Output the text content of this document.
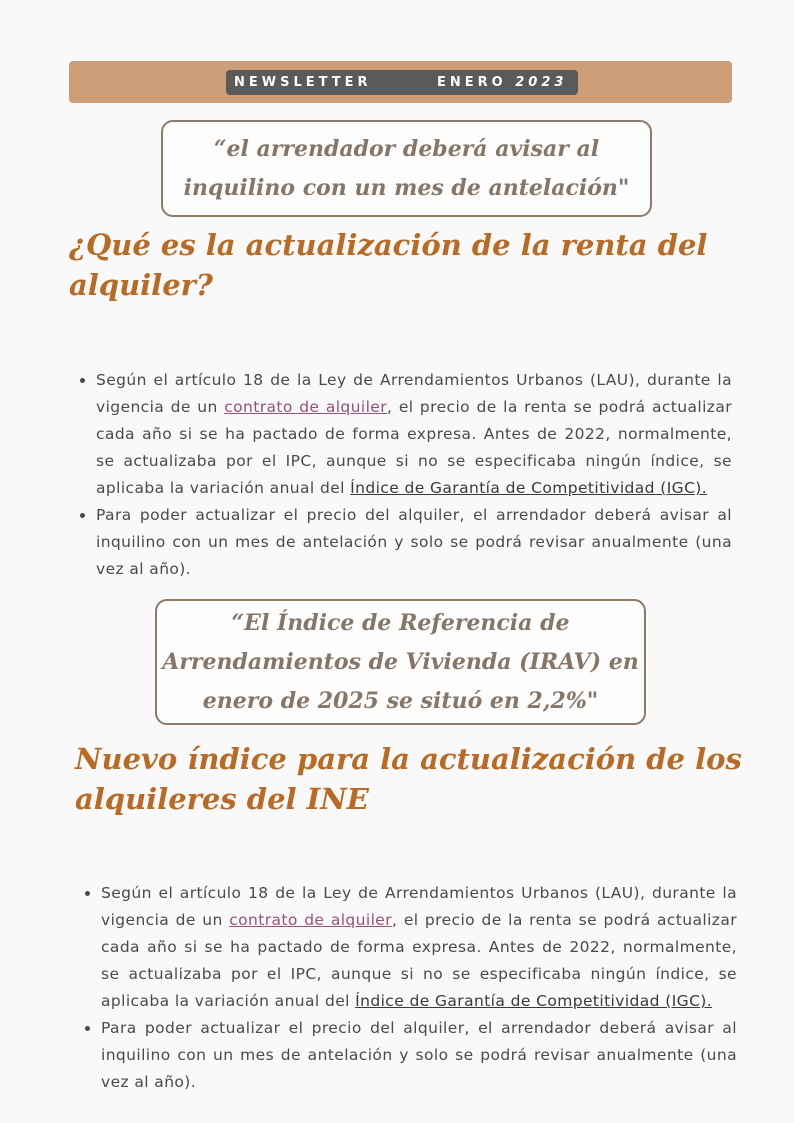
NEWSLETTER	ENERO 2023
“el arrendador deberá avisar al
inquilino con un mes de antelación"
¿Qué es la actualización de la renta del alquiler?
• Según el artículo 18 de la Ley de Arrendamientos Urbanos (LAU), durante la vigencia de un contrato de alquiler, el precio de la renta se podrá actualizar cada año si se ha pactado de forma expresa. Antes de 2022, normalmente, se actualizaba por el IPC, aunque si no se especificaba ningún índice, se aplicaba la variación anual del Índice de Garantía de Competitividad (IGC).
• Para poder actualizar el precio del alquiler, el arrendador deberá avisar al inquilino con un mes de antelación y solo se podrá revisar anualmente (una vez al año).
“El Índice de Referencia de
Arrendamientos de Vivienda (IRAV) en
enero de 2025 se situó en 2,2%"
Nuevo índice para la actualización de los alquileres del INE
• Según el artículo 18 de la Ley de Arrendamientos Urbanos (LAU), durante la vigencia de un contrato de alquiler, el precio de la renta se podrá actualizar cada año si se ha pactado de forma expresa. Antes de 2022, normalmente, se actualizaba por el IPC, aunque si no se especificaba ningún índice, se aplicaba la variación anual del Índice de Garantía de Competitividad (IGC).
• Para poder actualizar el precio del alquiler, el arrendador deberá avisar al inquilino con un mes de antelación y solo se podrá revisar anualmente (una vez al año).
